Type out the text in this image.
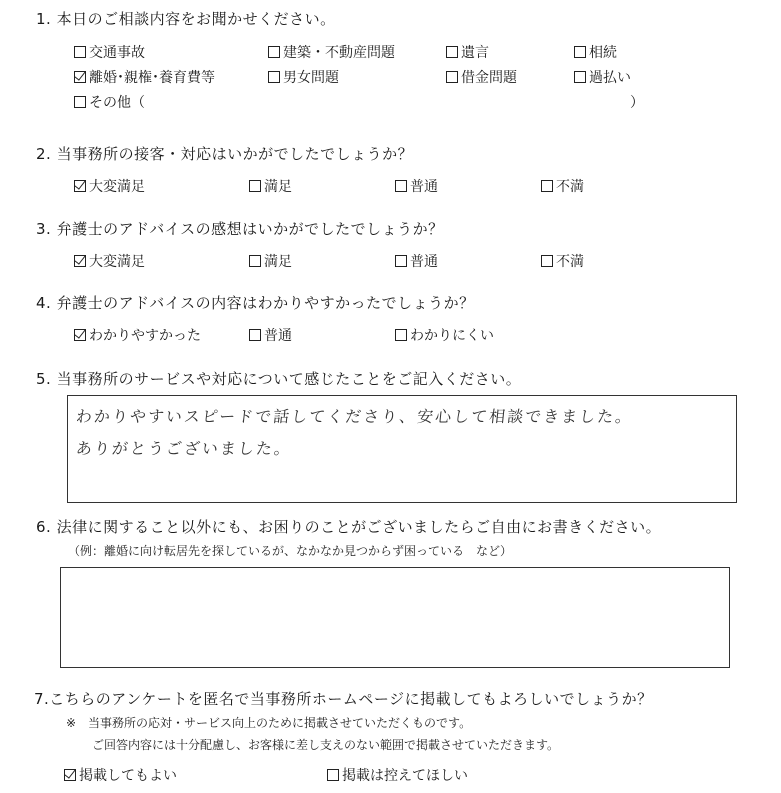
1. 本日のご相談内容をお聞かせください。
交通事故	建築・不動産問題	遺言	相続
離婚･親権･養育費等	男女問題	借金問題	過払い
その他（	）
2. 当事務所の接客・対応はいかがでしたでしょうか？
大変満足	満足	普通	不満
3. 弁護士のアドバイスの感想はいかがでしたでしょうか？
大変満足	満足	普通	不満
4. 弁護士のアドバイスの内容はわかりやすかったでしょうか？
わかりやすかった	普通	わかりにくい
5. 当事務所のサービスや対応について感じたことをご記入ください。
わかりやすいスピードで話してくださり、安心して相談できました。
ありがとうございました。
6. 法律に関すること以外にも、お困りのことがございましたらご自由にお書きください。
（例：離婚に向け転居先を探しているが、なかなか見つからず困っている　など）
7.こちらのアンケートを匿名で当事務所ホームページに掲載してもよろしいでしょうか？
※　当事務所の応対・サービス向上のために掲載させていただくものです。
ご回答内容には十分配慮し、お客様に差し支えのない範囲で掲載させていただきます。
掲載してもよい	掲載は控えてほしい
